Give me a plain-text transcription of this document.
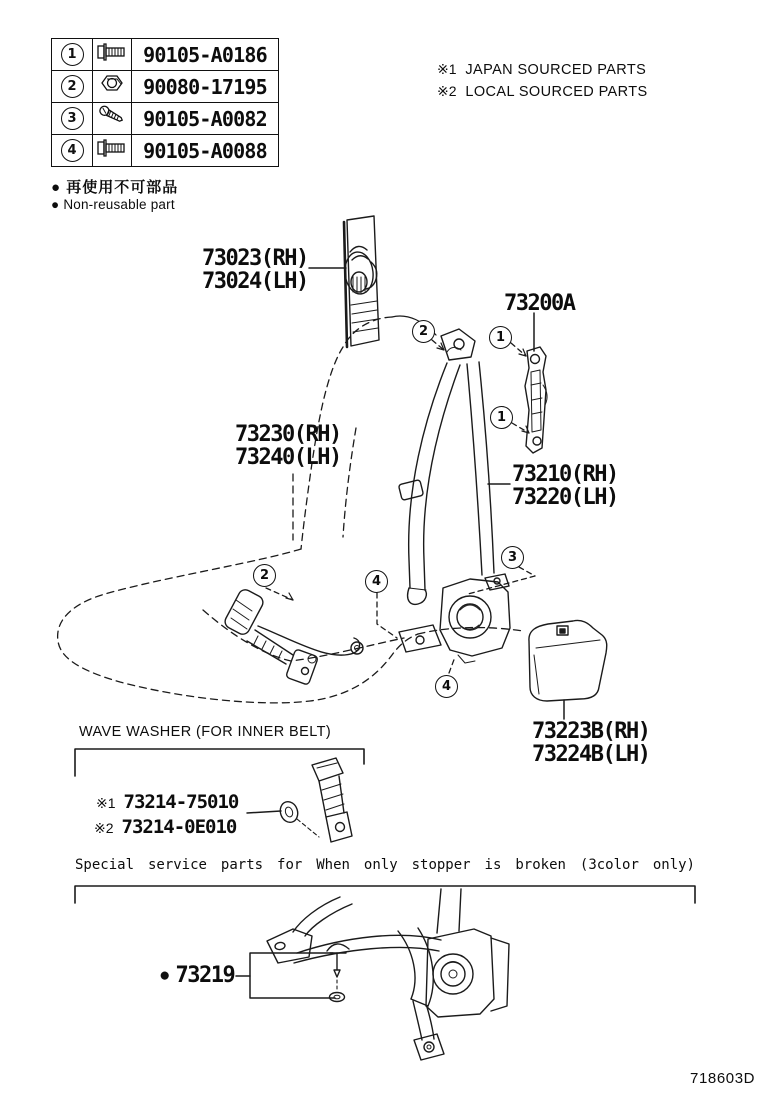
1		90105-A0186
2		90080-17195
3		90105-A0082
4		90105-A0088
● 再使用不可部品
● Non-reusable part
※1 JAPAN SOURCED PARTS
※2 LOCAL SOURCED PARTS
73023(RH)
73024(LH)
73200A
73230(RH)
73240(LH)
73210(RH)
73220(LH)
73223B(RH)
73224B(LH)
2	1
1
2	4
3
4
WAVE WASHER (FOR INNER BELT)
※1 73214-75010
※2 73214-0E010
Special service parts for When only stopper is broken (3color only)
● 73219
718603D
